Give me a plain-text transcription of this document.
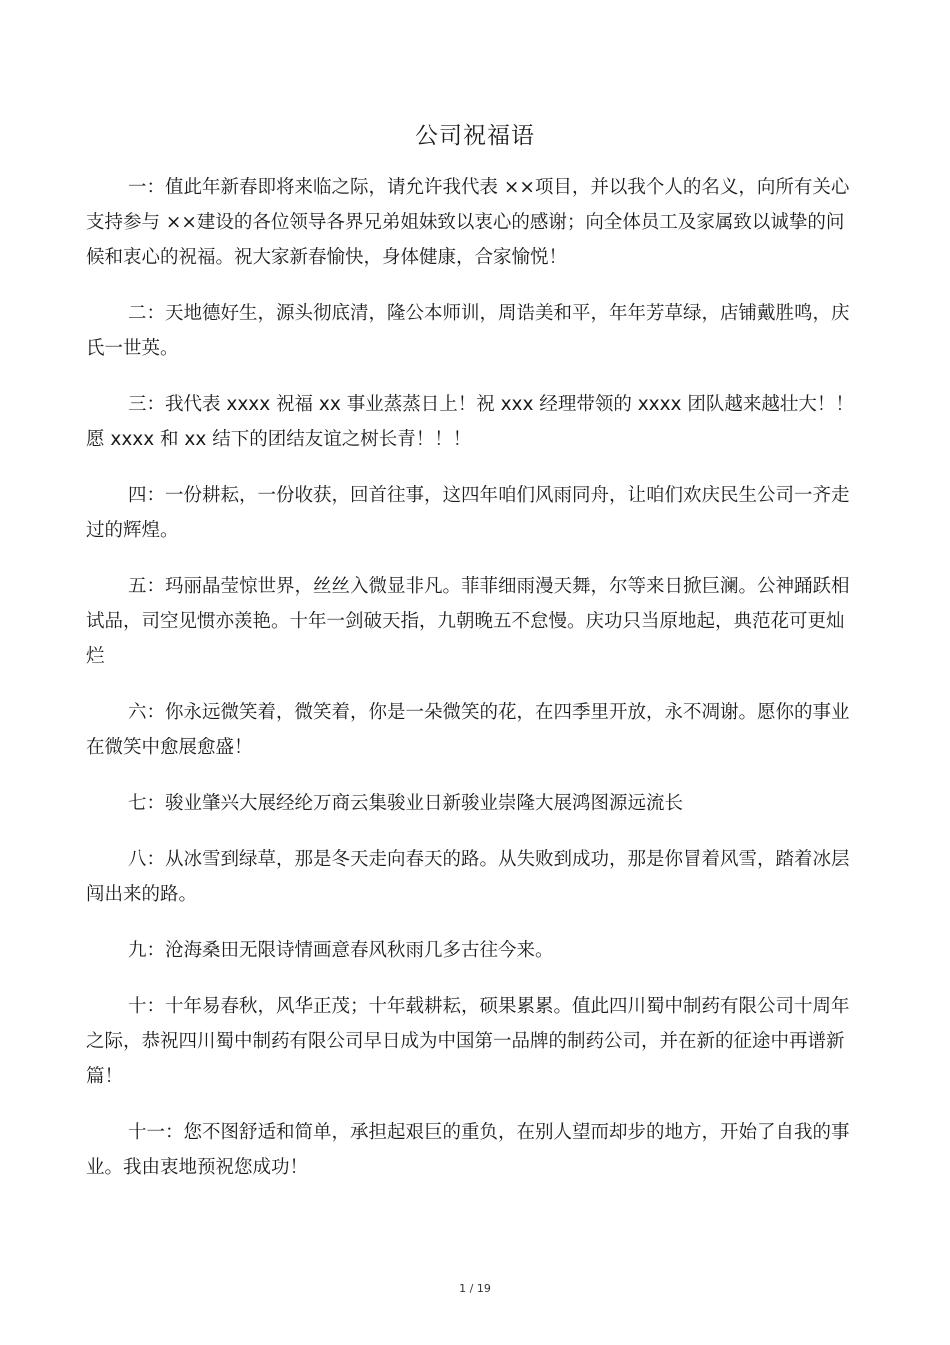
公司祝福语

一：值此年新春即将来临之际，请允许我代表 ××项目，并以我个人的名义，向所有关心支持参与 ××建设的各位领导各界兄弟姐妹致以衷心的感谢；向全体员工及家属致以诚挚的问候和衷心的祝福。祝大家新春愉快，身体健康，合家愉悦！

二：天地德好生，源头彻底清，隆公本师训，周诰美和平，年年芳草绿，店铺戴胜鸣，庆氏一世英。

三：我代表 xxxx 祝福 xx 事业蒸蒸日上！祝 xxx 经理带领的 xxxx 团队越来越壮大！！愿 xxxx 和 xx 结下的团结友谊之树长青！！！

四：一份耕耘，一份收获，回首往事，这四年咱们风雨同舟，让咱们欢庆民生公司一齐走过的辉煌。

五：玛丽晶莹惊世界，丝丝入微显非凡。菲菲细雨漫天舞，尔等来日掀巨澜。公神踊跃相试品，司空见惯亦羡艳。十年一剑破天指，九朝晚五不怠慢。庆功只当原地起，典范花可更灿烂

六：你永远微笑着，微笑着，你是一朵微笑的花，在四季里开放，永不凋谢。愿你的事业在微笑中愈展愈盛！

七：骏业肇兴大展经纶万商云集骏业日新骏业崇隆大展鸿图源远流长

八：从冰雪到绿草，那是冬天走向春天的路。从失败到成功，那是你冒着风雪，踏着冰层闯出来的路。

九：沧海桑田无限诗情画意春风秋雨几多古往今来。

十：十年易春秋，风华正茂；十年载耕耘，硕果累累。值此四川蜀中制药有限公司十周年之际，恭祝四川蜀中制药有限公司早日成为中国第一品牌的制药公司，并在新的征途中再谱新篇！

十一：您不图舒适和简单，承担起艰巨的重负，在别人望而却步的地方，开始了自我的事业。我由衷地预祝您成功！

1 / 19
